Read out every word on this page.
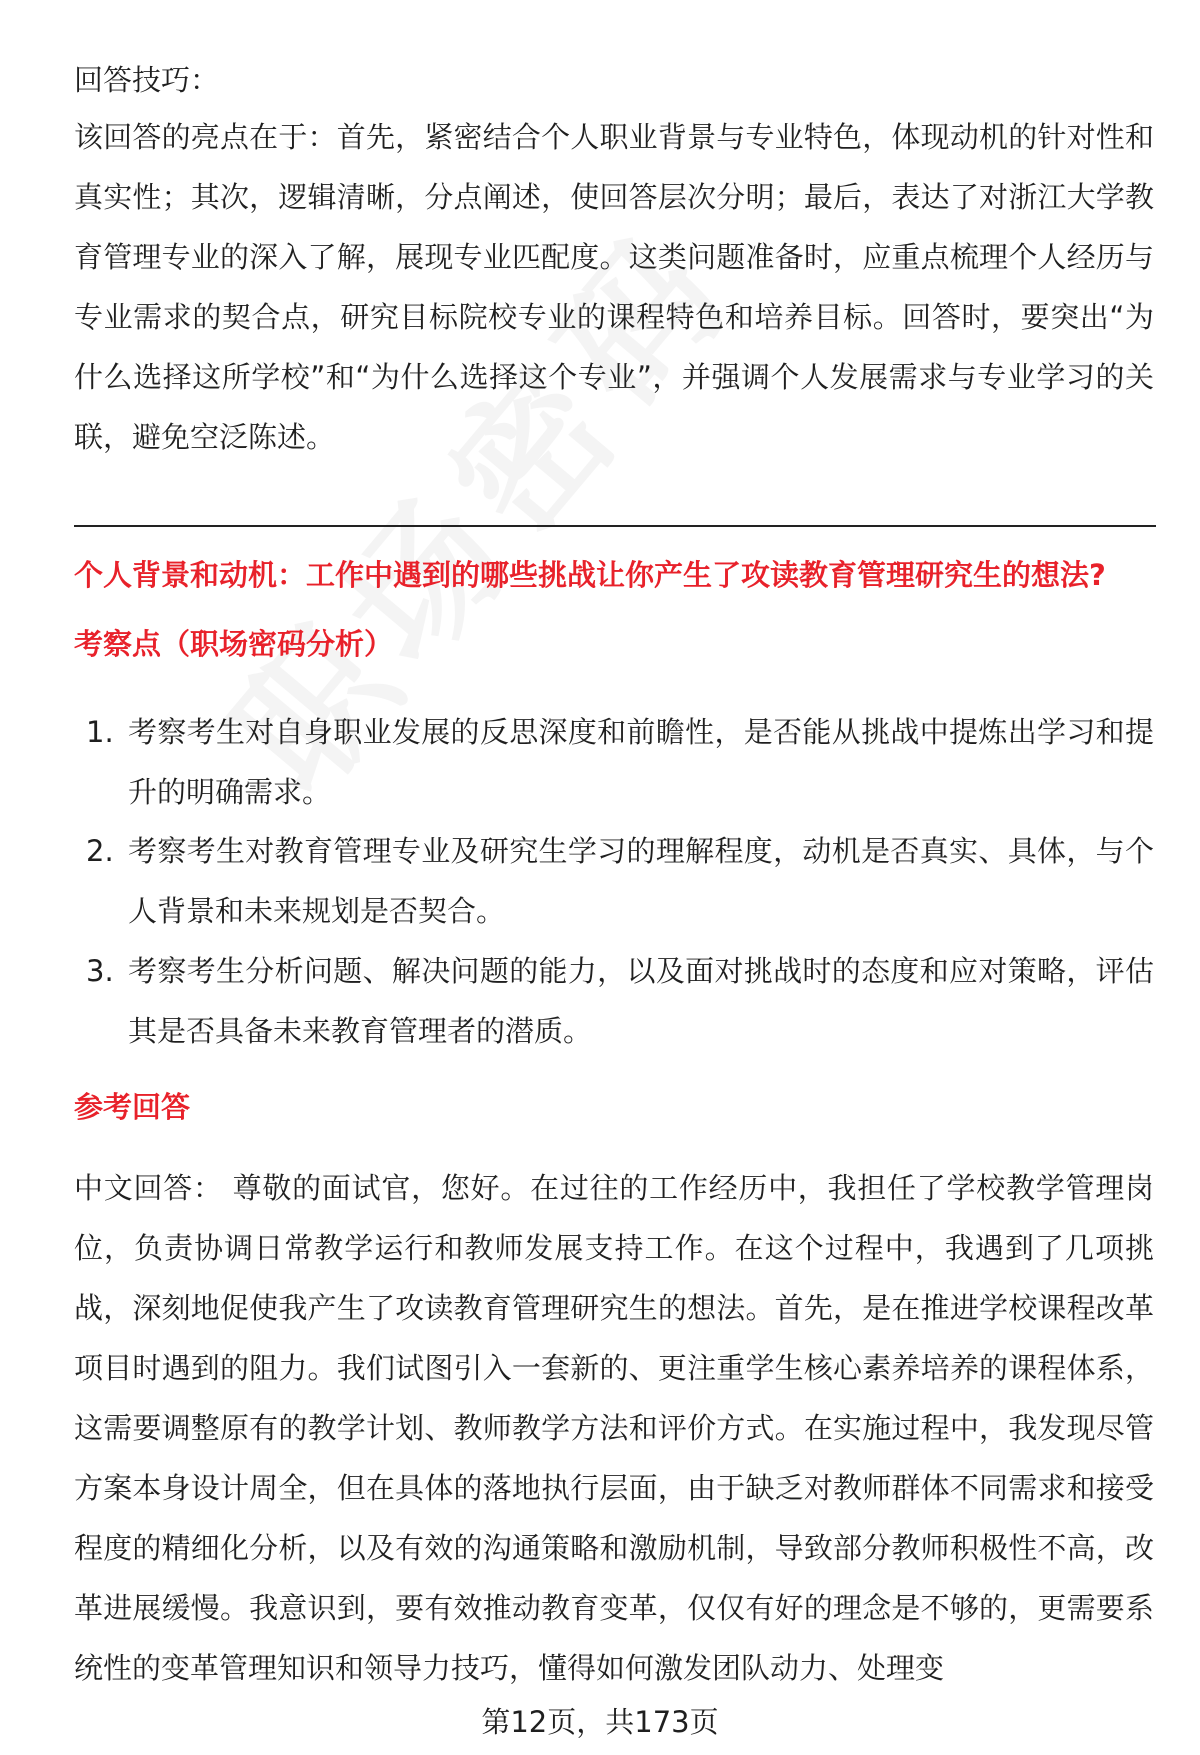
回答技巧：
该回答的亮点在于：首先，紧密结合个人职业背景与专业特色，体现动机的针对性和真实性；其次，逻辑清晰，分点阐述，使回答层次分明；最后，表达了对浙江大学教育管理专业的深入了解，展现专业匹配度。这类问题准备时，应重点梳理个人经历与专业需求的契合点，研究目标院校专业的课程特色和培养目标。回答时，要突出“为什么选择这所学校”和“为什么选择这个专业”，并强调个人发展需求与专业学习的关联，避免空泛陈述。
个人背景和动机：工作中遇到的哪些挑战让你产生了攻读教育管理研究生的想法?
考察点（职场密码分析）
1. 考察考生对自身职业发展的反思深度和前瞻性，是否能从挑战中提炼出学习和提升的明确需求。
2. 考察考生对教育管理专业及研究生学习的理解程度，动机是否真实、具体，与个人背景和未来规划是否契合。
3. 考察考生分析问题、解决问题的能力，以及面对挑战时的态度和应对策略，评估其是否具备未来教育管理者的潜质。
参考回答
中文回答： 尊敬的面试官，您好。在过往的工作经历中，我担任了学校教学管理岗位，负责协调日常教学运行和教师发展支持工作。在这个过程中，我遇到了几项挑战，深刻地促使我产生了攻读教育管理研究生的想法。首先，是在推进学校课程改革项目时遇到的阻力。我们试图引入一套新的、更注重学生核心素养培养的课程体系，这需要调整原有的教学计划、教师教学方法和评价方式。在实施过程中，我发现尽管方案本身设计周全，但在具体的落地执行层面，由于缺乏对教师群体不同需求和接受程度的精细化分析，以及有效的沟通策略和激励机制，导致部分教师积极性不高，改革进展缓慢。我意识到，要有效推动教育变革，仅仅有好的理念是不够的，更需要系统性的变革管理知识和领导力技巧，懂得如何激发团队动力、处理变
第12页，共173页
